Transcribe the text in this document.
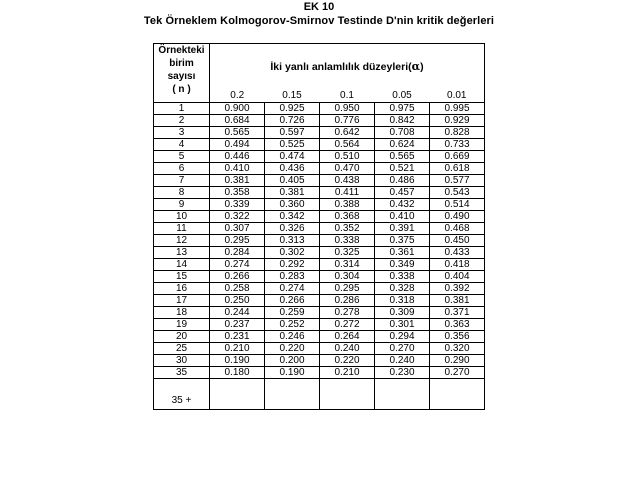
EK 10
Tek Örneklem Kolmogorov-Smirnov Testinde D'nin kritik değerleri
Örnekteki
birim
sayısı
( n )	İki yanlı anlamlılık düzeyleri(α)				
	0.2	0.15	0.1	0.05	0.01
1	0.900	0.925	0.950	0.975	0.995
2	0.684	0.726	0.776	0.842	0.929
3	0.565	0.597	0.642	0.708	0.828
4	0.494	0.525	0.564	0.624	0.733
5	0.446	0.474	0.510	0.565	0.669
6	0.410	0.436	0.470	0.521	0.618
7	0.381	0.405	0.438	0.486	0.577
8	0.358	0.381	0.411	0.457	0.543
9	0.339	0.360	0.388	0.432	0.514
10	0.322	0.342	0.368	0.410	0.490
11	0.307	0.326	0.352	0.391	0.468
12	0.295	0.313	0.338	0.375	0.450
13	0.284	0.302	0.325	0.361	0.433
14	0.274	0.292	0.314	0.349	0.418
15	0.266	0.283	0.304	0.338	0.404
16	0.258	0.274	0.295	0.328	0.392
17	0.250	0.266	0.286	0.318	0.381
18	0.244	0.259	0.278	0.309	0.371
19	0.237	0.252	0.272	0.301	0.363
20	0.231	0.246	0.264	0.294	0.356
25	0.210	0.220	0.240	0.270	0.320
30	0.190	0.200	0.220	0.240	0.290
35	0.180	0.190	0.210	0.230	0.270
35 +					
